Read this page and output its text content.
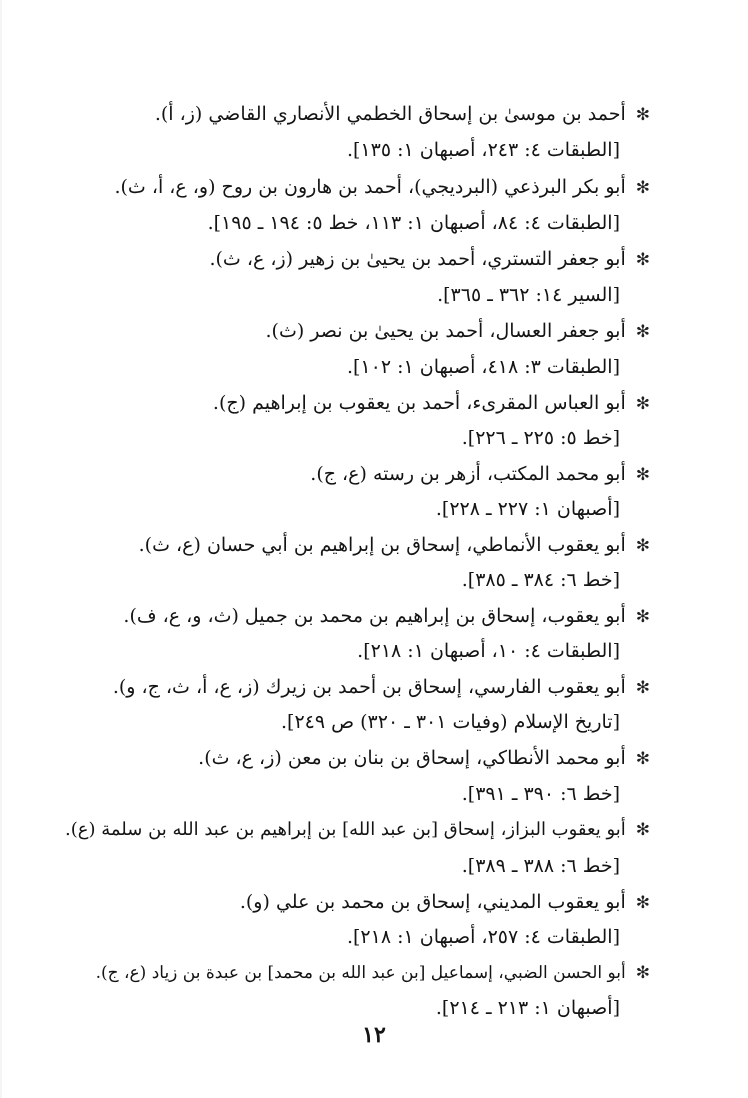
✻أحمد بن موسىٰ بن إسحاق الخطمي الأنصاري القاضي (ز، أ).
[الطبقات ٤: ٢٤٣، أصبهان ١: ١٣٥].
✻أبو بكر البرذعي (البرديجي)، أحمد بن هارون بن روح (و، ع، أ، ث).
[الطبقات ٤: ٨٤، أصبهان ١: ١١٣، خط ٥: ١٩٤ ـ ١٩٥].
✻أبو جعفر التستري، أحمد بن يحيىٰ بن زهير (ز، ع، ث).
[السير ١٤: ٣٦٢ ـ ٣٦٥].
✻أبو جعفر العسال، أحمد بن يحيىٰ بن نصر (ث).
[الطبقات ٣: ٤١٨، أصبهان ١: ١٠٢].
✻أبو العباس المقرىء، أحمد بن يعقوب بن إبراهيم (ج).
[خط ٥: ٢٢٥ ـ ٢٢٦].
✻أبو محمد المكتب، أزهر بن رسته (ع، ج).
[أصبهان ١: ٢٢٧ ـ ٢٢٨].
✻أبو يعقوب الأنماطي، إسحاق بن إبراهيم بن أبي حسان (ع، ث).
[خط ٦: ٣٨٤ ـ ٣٨٥].
✻أبو يعقوب، إسحاق بن إبراهيم بن محمد بن جميل (ث، و، ع، ف).
[الطبقات ٤: ١٠، أصبهان ١: ٢١٨].
✻أبو يعقوب الفارسي، إسحاق بن أحمد بن زيرك (ز، ع، أ، ث، ج، و).
[تاريخ الإسلام (وفيات ٣٠١ ـ ٣٢٠) ص ٢٤٩].
✻أبو محمد الأنطاكي، إسحاق بن بنان بن معن (ز، ع، ث).
[خط ٦: ٣٩٠ ـ ٣٩١].
✻أبو يعقوب البزاز، إسحاق [بن عبد الله] بن إبراهيم بن عبد الله بن سلمة (ع).
[خط ٦: ٣٨٨ ـ ٣٨٩].
✻أبو يعقوب المديني، إسحاق بن محمد بن علي (و).
[الطبقات ٤: ٢٥٧، أصبهان ١: ٢١٨].
✻أبو الحسن الضبي، إسماعيل [بن عبد الله بن محمد] بن عبدة بن زياد (ع، ج).
[أصبهان ١: ٢١٣ ـ ٢١٤].
١٢
